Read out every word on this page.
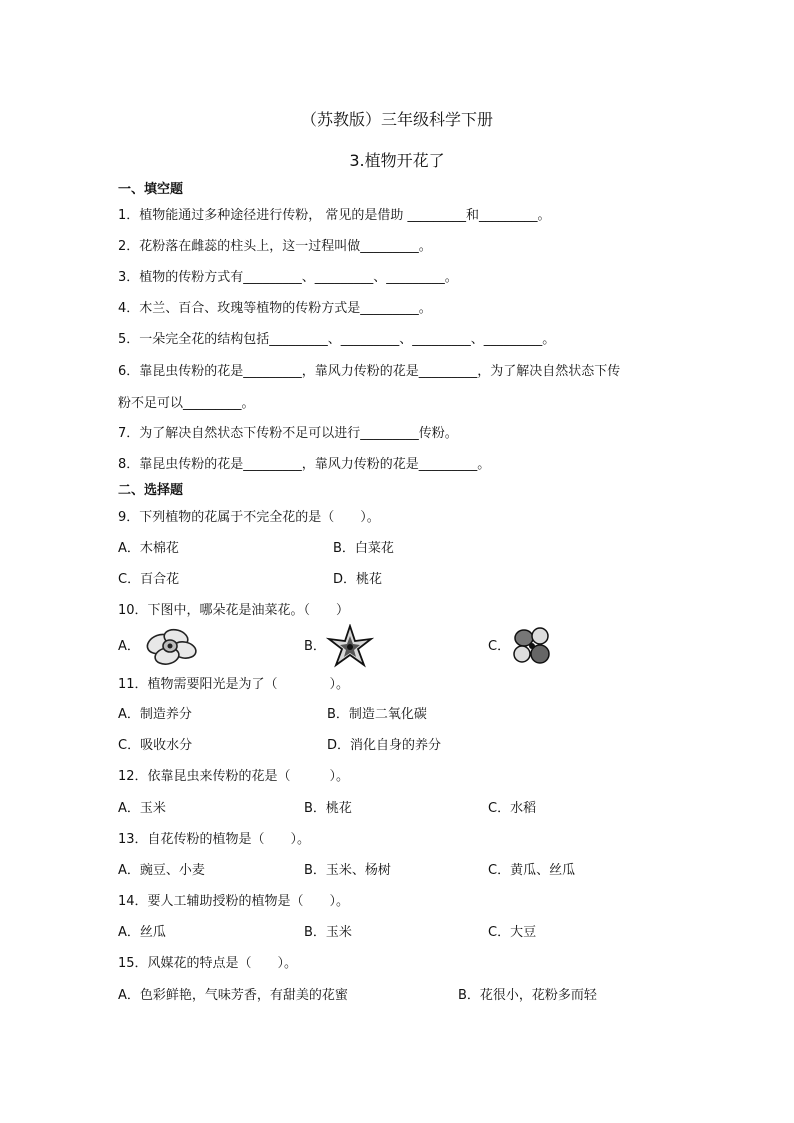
（苏教版）三年级科学下册
3.植物开花了
一、填空题
1．植物能通过多种途径进行传粉， 常见的是借助 _________和_________。
2．花粉落在雌蕊的柱头上，这一过程叫做_________。
3．植物的传粉方式有_________、_________、_________。
4．木兰、百合、玫瑰等植物的传粉方式是_________。
5．一朵完全花的结构包括_________、_________、_________、_________。
6．靠昆虫传粉的花是_________，靠风力传粉的花是_________，为了解决自然状态下传
粉不足可以_________。
7．为了解决自然状态下传粉不足可以进行_________传粉。
8．靠昆虫传粉的花是_________，靠风力传粉的花是_________。
二、选择题
9．下列植物的花属于不完全花的是（　　）。
A．木棉花	B．白菜花
C．百合花	D．桃花
10．下图中，哪朵花是油菜花。（　　）
A．	B．	C．
11．植物需要阳光是为了（　　　　）。
A．制造养分	B．制造二氧化碳
C．吸收水分	D．消化自身的养分
12．依靠昆虫来传粉的花是（　　　）。
A．玉米	B．桃花	C．水稻
13．自花传粉的植物是（　　）。
A．豌豆、小麦	B．玉米、杨树	C．黄瓜、丝瓜
14．要人工辅助授粉的植物是（　　）。
A．丝瓜	B．玉米	C．大豆
15．风媒花的特点是（　　）。
A．色彩鲜艳，气味芳香，有甜美的花蜜	B．花很小，花粉多而轻
